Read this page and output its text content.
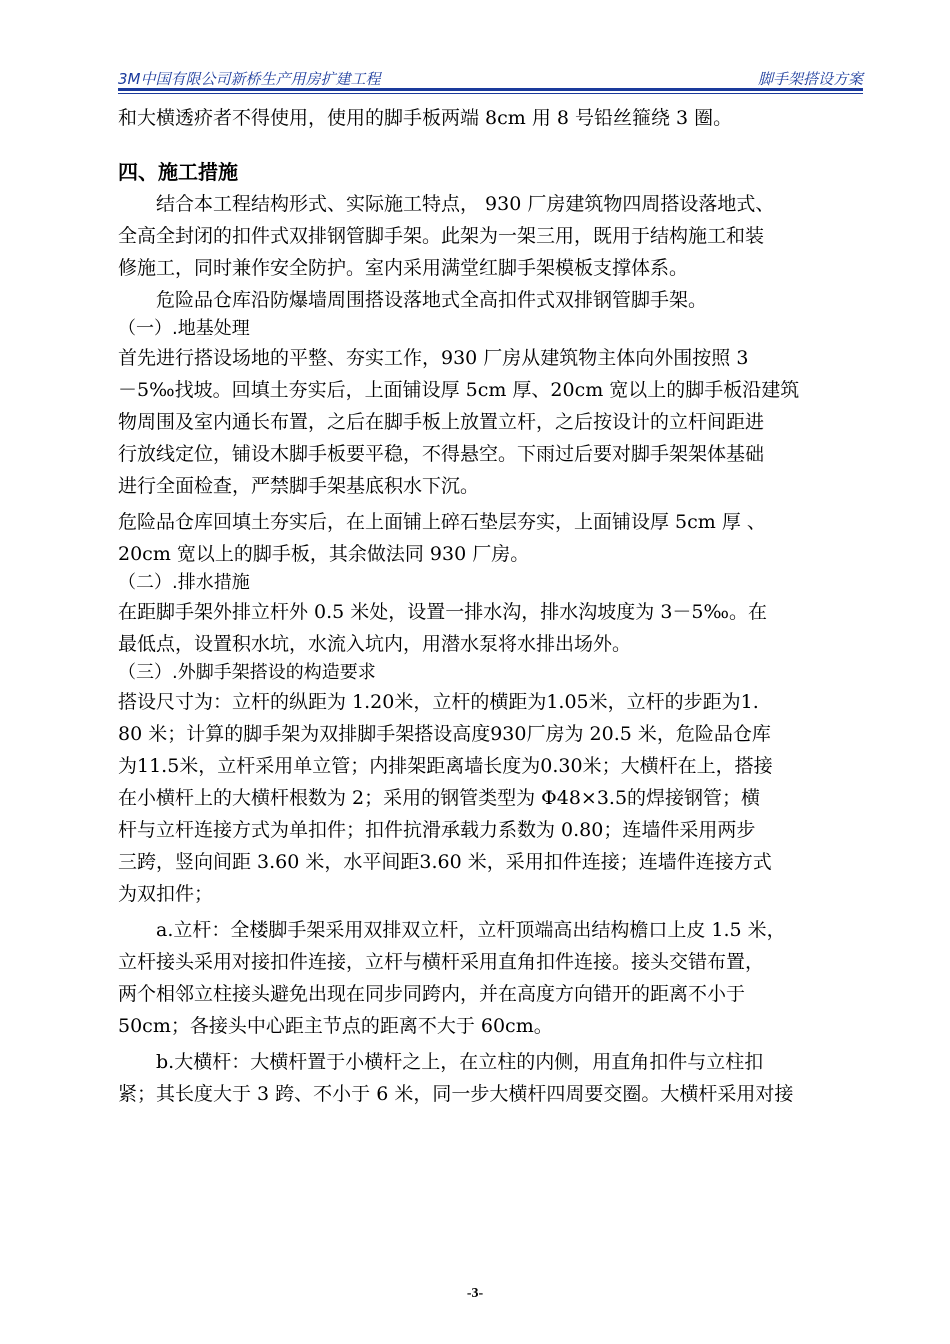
3M中国有限公司新桥生产用房扩建工程	脚手架搭设方案
和大横透疥者不得使用，使用的脚手板两端 8cm 用 8 号铅丝箍绕 3 圈。
四、施工措施
　　结合本工程结构形式、实际施工特点， 930 厂房建筑物四周搭设落地式、
全高全封闭的扣件式双排钢管脚手架。此架为一架三用，既用于结构施工和装
修施工，同时兼作安全防护。室内采用满堂红脚手架模板支撑体系。
　　危险品仓库沿防爆墙周围搭设落地式全高扣件式双排钢管脚手架。
（一）.地基处理
首先进行搭设场地的平整、夯实工作，930 厂房从建筑物主体向外围按照 3
－5‰找坡。回填土夯实后，上面铺设厚 5cm 厚、20cm 宽以上的脚手板沿建筑
物周围及室内通长布置，之后在脚手板上放置立杆，之后按设计的立杆间距进
行放线定位，铺设木脚手板要平稳，不得悬空。下雨过后要对脚手架架体基础
进行全面检查，严禁脚手架基底积水下沉。
危险品仓库回填土夯实后，在上面铺上碎石垫层夯实，上面铺设厚 5cm 厚 、
20cm 宽以上的脚手板，其余做法同 930 厂房。
（二）.排水措施
在距脚手架外排立杆外 0.5 米处，设置一排水沟，排水沟坡度为 3－5‰。在
最低点，设置积水坑，水流入坑内，用潜水泵将水排出场外。
（三）.外脚手架搭设的构造要求
搭设尺寸为：立杆的纵距为 1.20米，立杆的横距为1.05米，立杆的步距为1.
80 米；计算的脚手架为双排脚手架搭设高度930厂房为 20.5 米，危险品仓库
为11.5米，立杆采用单立管；内排架距离墙长度为0.30米；大横杆在上，搭接
在小横杆上的大横杆根数为 2；采用的钢管类型为 Φ48×3.5的焊接钢管；横
杆与立杆连接方式为单扣件；扣件抗滑承载力系数为 0.80；连墙件采用两步
三跨，竖向间距 3.60 米，水平间距3.60 米，采用扣件连接；连墙件连接方式
为双扣件；
　　a.立杆：全楼脚手架采用双排双立杆，立杆顶端高出结构檐口上皮 1.5 米，
立杆接头采用对接扣件连接，立杆与横杆采用直角扣件连接。接头交错布置，
两个相邻立柱接头避免出现在同步同跨内，并在高度方向错开的距离不小于
50cm；各接头中心距主节点的距离不大于 60cm。
　　b.大横杆：大横杆置于小横杆之上，在立柱的内侧，用直角扣件与立柱扣
紧；其长度大于 3 跨、不小于 6 米，同一步大横杆四周要交圈。大横杆采用对接
-3-
